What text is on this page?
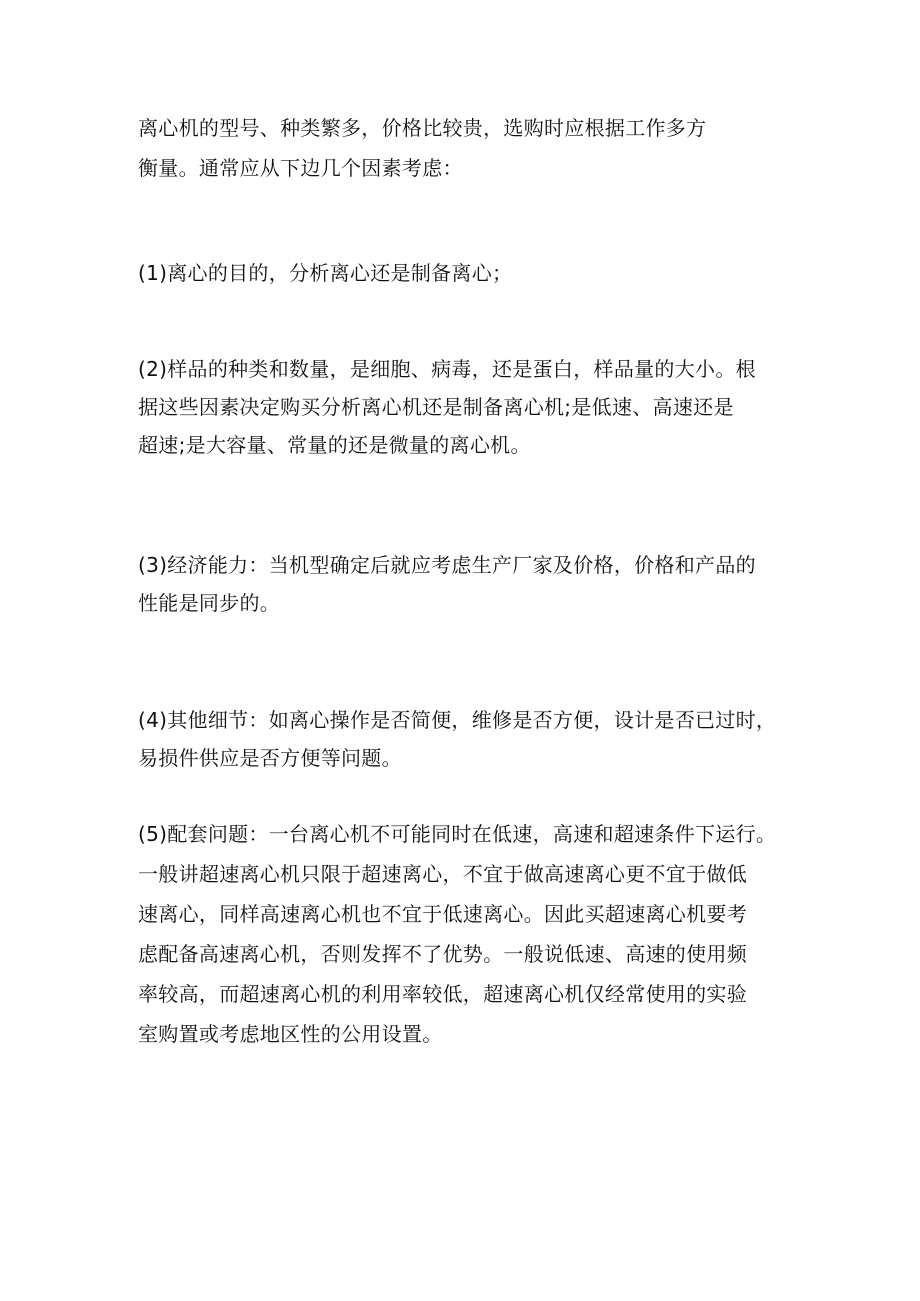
离心机的型号、种类繁多，价格比较贵，选购时应根据工作多方
衡量。通常应从下边几个因素考虑：

(1)离心的目的，分析离心还是制备离心；

(2)样品的种类和数量，是细胞、病毒，还是蛋白，样品量的大小。根
据这些因素决定购买分析离心机还是制备离心机;是低速、高速还是
超速;是大容量、常量的还是微量的离心机。

(3)经济能力：当机型确定后就应考虑生产厂家及价格，价格和产品的
性能是同步的。

(4)其他细节：如离心操作是否简便，维修是否方便，设计是否已过时，
易损件供应是否方便等问题。

(5)配套问题：一台离心机不可能同时在低速，高速和超速条件下运行。
一般讲超速离心机只限于超速离心，不宜于做高速离心更不宜于做低
速离心，同样高速离心机也不宜于低速离心。因此买超速离心机要考
虑配备高速离心机，否则发挥不了优势。一般说低速、高速的使用频
率较高，而超速离心机的利用率较低，超速离心机仅经常使用的实验
室购置或考虑地区性的公用设置。
